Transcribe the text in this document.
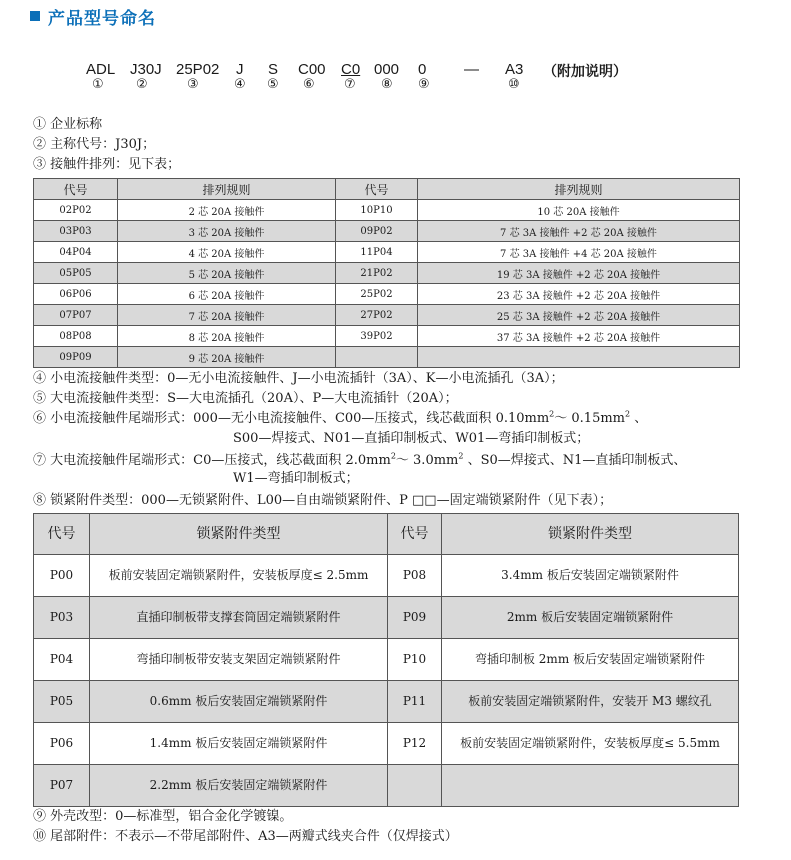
产品型号命名
ADL J30J 25P02 J S C00 C0 000 0	— A3 （附加说明）
① ②	③	④ ⑤ ⑥ ⑦ ⑧ ⑨	⑩
① 企业标称
② 主称代号：J30J；
③ 接触件排列：见下表；
代号	排列规则	代号	排列规则
02P02	2 芯 20A 接触件	10P10	10 芯 20A 接触件
03P03	3 芯 20A 接触件	09P02	7 芯 3A 接触件 +2 芯 20A 接触件
04P04	4 芯 20A 接触件	11P04	7 芯 3A 接触件 +4 芯 20A 接触件
05P05	5 芯 20A 接触件	21P02	19 芯 3A 接触件 +2 芯 20A 接触件
06P06	6 芯 20A 接触件	25P02	23 芯 3A 接触件 +2 芯 20A 接触件
07P07	7 芯 20A 接触件	27P02	25 芯 3A 接触件 +2 芯 20A 接触件
08P08	8 芯 20A 接触件	39P02	37 芯 3A 接触件 +2 芯 20A 接触件
09P09	9 芯 20A 接触件		
④ 小电流接触件类型：0—无小电流接触件、J—小电流插针（3A）、K—小电流插孔（3A）；
⑤ 大电流接触件类型：S—大电流插孔（20A）、P—大电流插针（20A）；
⑥ 小电流接触件尾端形式：000—无小电流接触件、C00—压接式，线芯截面积 $0.10mm^2\sim$ $0.15mm^2$ 、
S00—焊接式、N01—直插印制板式、W01—弯插印制板式；
⑦ 大电流接触件尾端形式：C0—压接式，线芯截面积 $2.0mm^2\sim$ $3.0mm^2$ 、S0—焊接式、N1—直插印制板式、
W1—弯插印制板式；
⑧ 锁紧附件类型：000—无锁紧附件、L00—自由端锁紧附件、P □□—固定端锁紧附件（见下表）；
代号	锁紧附件类型	代号	锁紧附件类型
P00	板前安装固定端锁紧附件，安装板厚度≤ 2.5mm	P08	3.4mm 板后安装固定端锁紧附件
P03	直插印制板带支撑套筒固定端锁紧附件	P09	2mm 板后安装固定端锁紧附件
P04	弯插印制板带安装支架固定端锁紧附件	P10	弯插印制板 2mm 板后安装固定端锁紧附件
P05	0.6mm 板后安装固定端锁紧附件	P11	板前安装固定端锁紧附件，安装开 M3 螺纹孔
P06	1.4mm 板后安装固定端锁紧附件	P12	板前安装固定端锁紧附件，安装板厚度≤ 5.5mm
P07	2.2mm 板后安装固定端锁紧附件		
⑨ 外壳改型：0—标准型，铝合金化学镀镍。
⑩ 尾部附件：不表示—不带尾部附件、A3—两瓣式线夹合件（仅焊接式）
